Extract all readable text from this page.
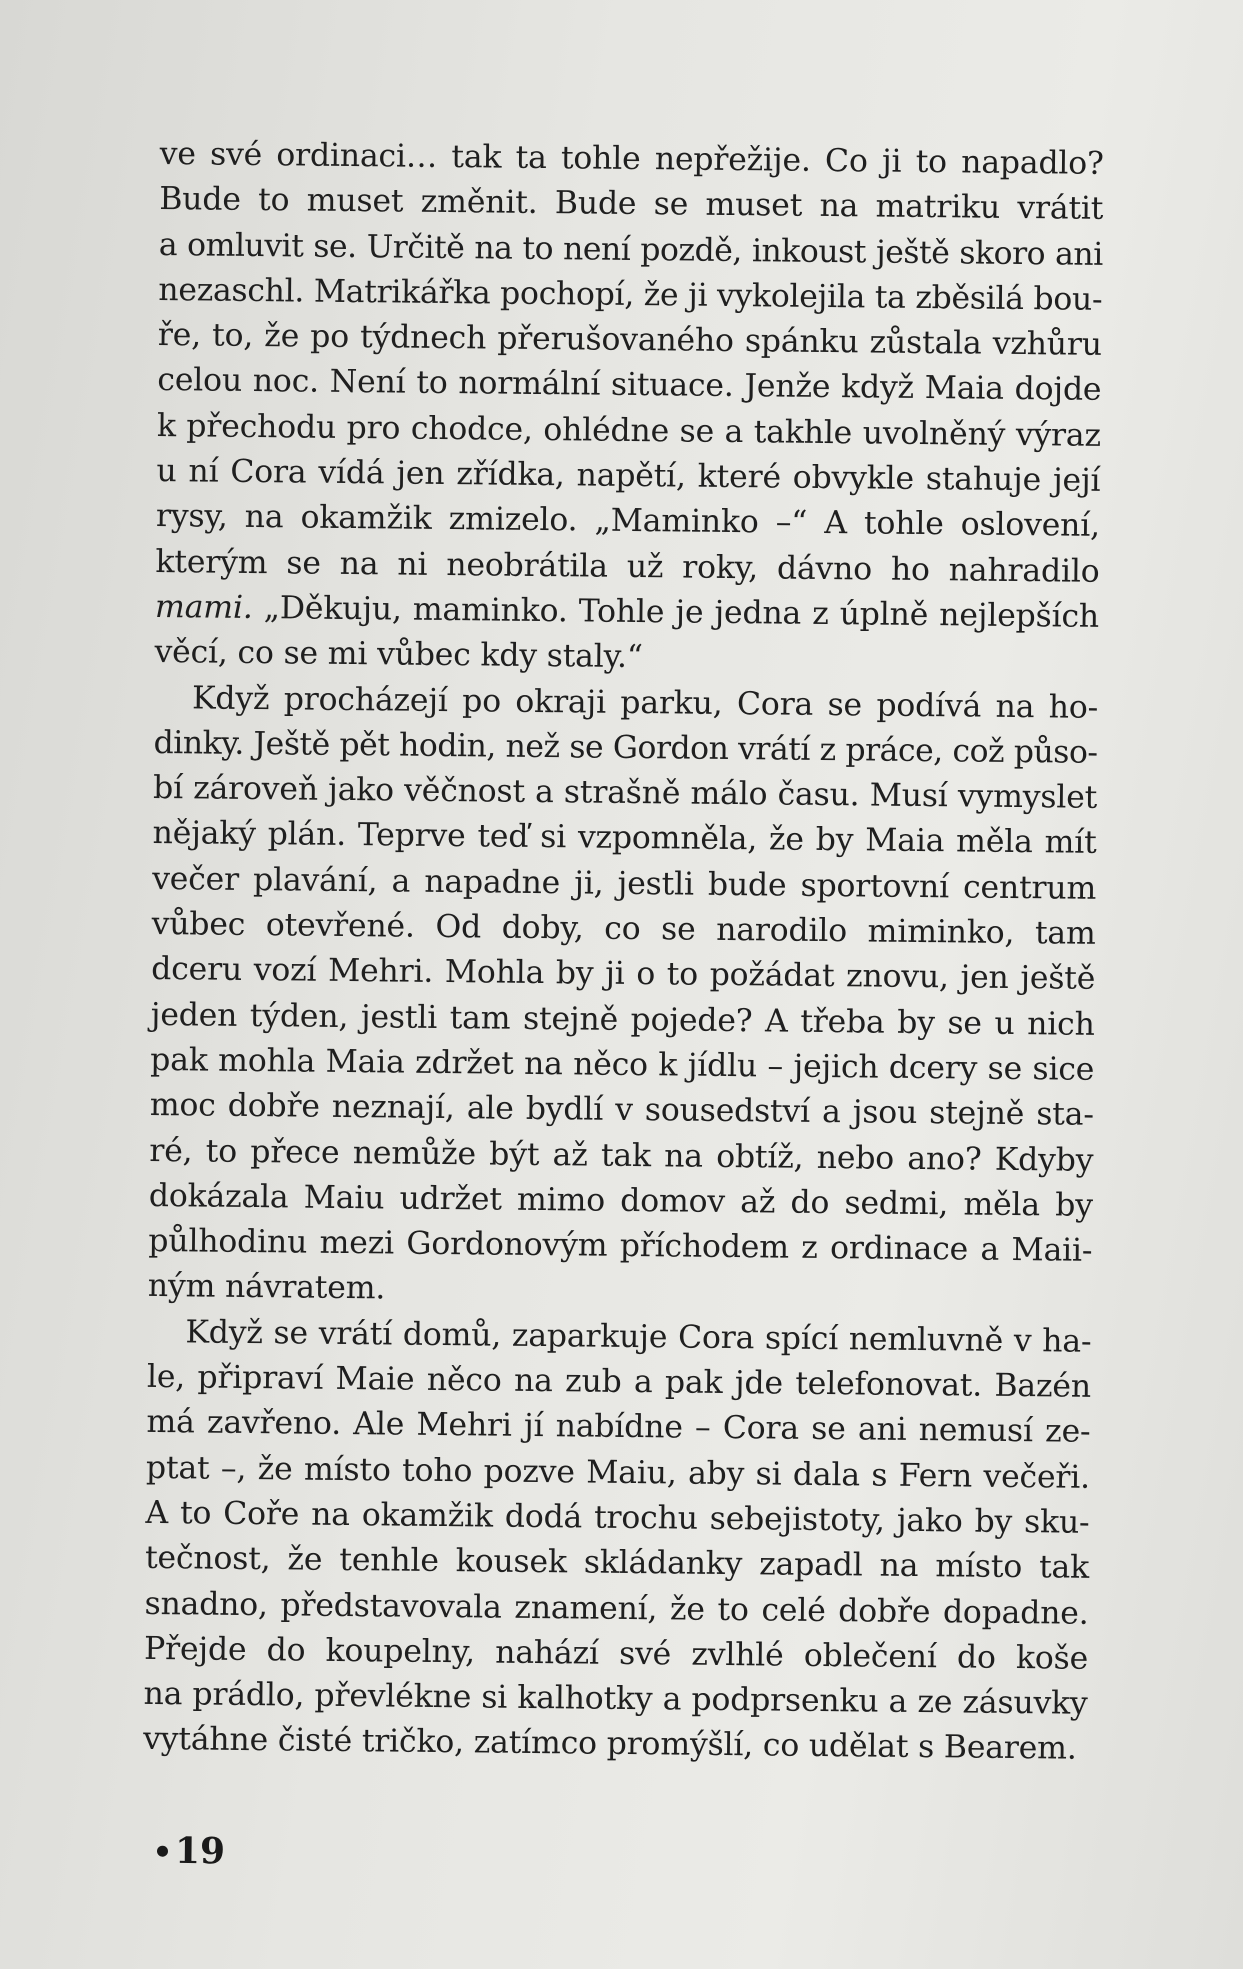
ve své ordinaci… tak ta tohle nepřežije. Co ji to napadlo?
Bude to muset změnit. Bude se muset na matriku vrátit
a omluvit se. Určitě na to není pozdě, inkoust ještě skoro ani
nezaschl. Matrikářka pochopí, že ji vykolejila ta zběsilá bou-
ře, to, že po týdnech přerušovaného spánku zůstala vzhůru
celou noc. Není to normální situace. Jenže když Maia dojde
k přechodu pro chodce, ohlédne se a takhle uvolněný výraz
u ní Cora vídá jen zřídka, napětí, které obvykle stahuje její
rysy, na okamžik zmizelo. „Maminko –“ A tohle oslovení,
kterým se na ni neobrátila už roky, dávno ho nahradilo
mami. „Děkuju, maminko. Tohle je jedna z úplně nejlepších
věcí, co se mi vůbec kdy staly.“
Když procházejí po okraji parku, Cora se podívá na ho-
dinky. Ještě pět hodin, než se Gordon vrátí z práce, což půso-
bí zároveň jako věčnost a strašně málo času. Musí vymyslet
nějaký plán. Teprve teď si vzpomněla, že by Maia měla mít
večer plavání, a napadne ji, jestli bude sportovní centrum
vůbec otevřené. Od doby, co se narodilo miminko, tam
dceru vozí Mehri. Mohla by ji o to požádat znovu, jen ještě
jeden týden, jestli tam stejně pojede? A třeba by se u nich
pak mohla Maia zdržet na něco k jídlu – jejich dcery se sice
moc dobře neznají, ale bydlí v sousedství a jsou stejně sta-
ré, to přece nemůže být až tak na obtíž, nebo ano? Kdyby
dokázala Maiu udržet mimo domov až do sedmi, měla by
půlhodinu mezi Gordonovým příchodem z ordinace a Maii-
ným návratem.
Když se vrátí domů, zaparkuje Cora spící nemluvně v ha-
le, připraví Maie něco na zub a pak jde telefonovat. Bazén
má zavřeno. Ale Mehri jí nabídne – Cora se ani nemusí ze-
ptat –, že místo toho pozve Maiu, aby si dala s Fern večeři.
A to Coře na okamžik dodá trochu sebejistoty, jako by sku-
tečnost, že tenhle kousek skládanky zapadl na místo tak
snadno, představovala znamení, že to celé dobře dopadne.
Přejde do koupelny, nahází své zvlhlé oblečení do koše
na prádlo, převlékne si kalhotky a podprsenku a ze zásuvky
vytáhne čisté tričko, zatímco promýšlí, co udělat s Bearem.
19
